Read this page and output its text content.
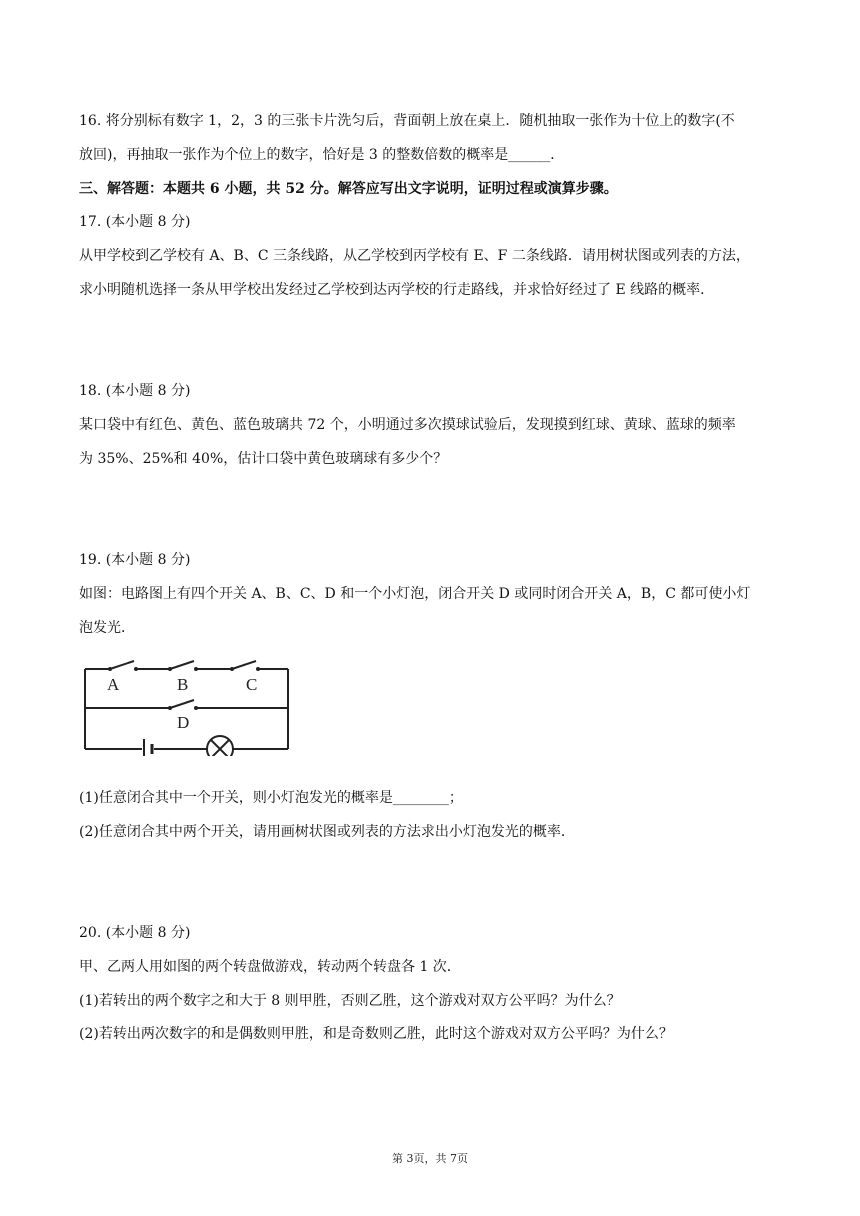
16. 将分别标有数字 1，2，3 的三张卡片洗匀后，背面朝上放在桌上．随机抽取一张作为十位上的数字(不
放回)，再抽取一张作为个位上的数字，恰好是 3 的整数倍数的概率是______．
三、解答题：本题共 6 小题，共 52 分。解答应写出文字说明，证明过程或演算步骤。
17. (本小题 8 分)
从甲学校到乙学校有 A、B、C 三条线路，从乙学校到丙学校有 E、F 二条线路．请用树状图或列表的方法，
求小明随机选择一条从甲学校出发经过乙学校到达丙学校的行走路线，并求恰好经过了 E 线路的概率．
18. (本小题 8 分)
某口袋中有红色、黄色、蓝色玻璃共 72 个，小明通过多次摸球试验后，发现摸到红球、黄球、蓝球的频率
为 35%、25%和 40%，估计口袋中黄色玻璃球有多少个？
19. (本小题 8 分)
如图：电路图上有四个开关 A、B、C、D 和一个小灯泡，闭合开关 D 或同时闭合开关 A，B，C 都可使小灯
泡发光．
A	B	C
D
(1)任意闭合其中一个开关，则小灯泡发光的概率是________；
(2)任意闭合其中两个开关，请用画树状图或列表的方法求出小灯泡发光的概率．
20. (本小题 8 分)
甲、乙两人用如图的两个转盘做游戏，转动两个转盘各 1 次．
(1)若转出的两个数字之和大于 8 则甲胜，否则乙胜，这个游戏对双方公平吗？为什么？
(2)若转出两次数字的和是偶数则甲胜，和是奇数则乙胜，此时这个游戏对双方公平吗？为什么？
第 3页，共 7页
